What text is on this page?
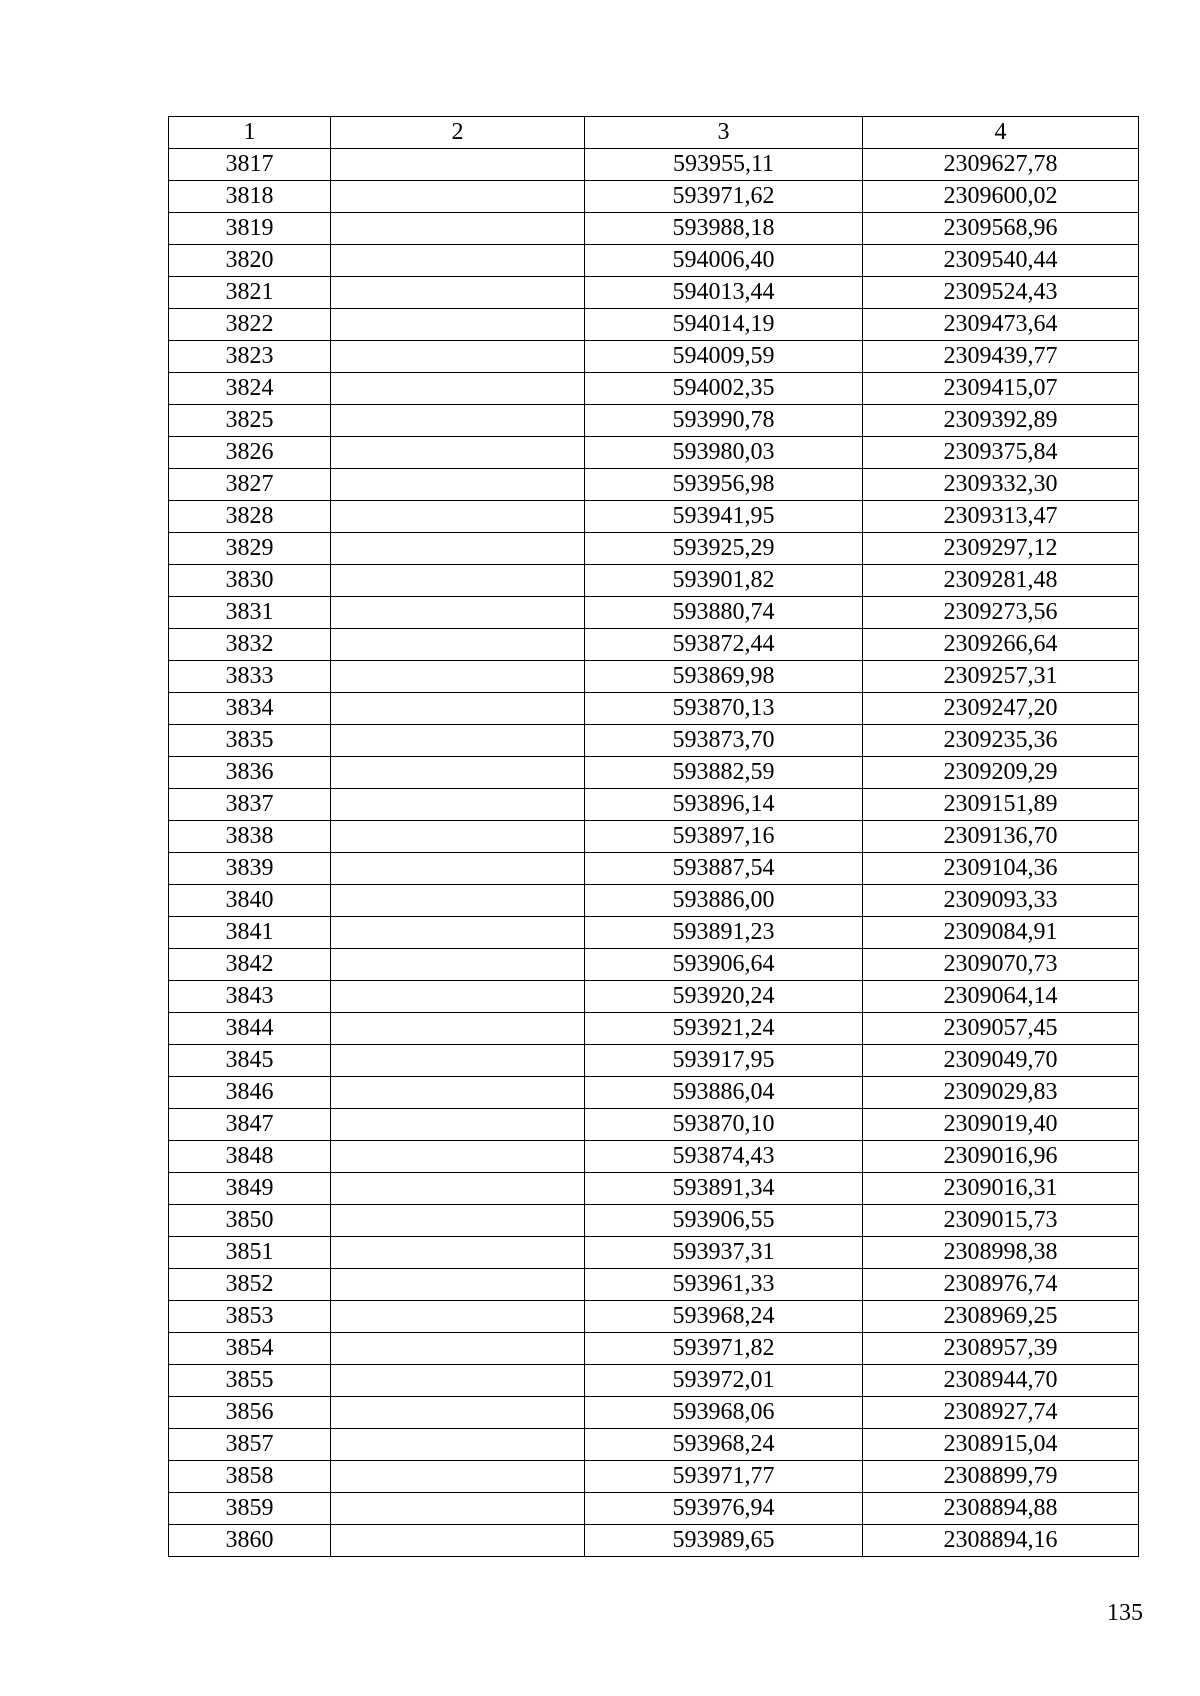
1	2	3	4
3817		593955,11	2309627,78
3818		593971,62	2309600,02
3819		593988,18	2309568,96
3820		594006,40	2309540,44
3821		594013,44	2309524,43
3822		594014,19	2309473,64
3823		594009,59	2309439,77
3824		594002,35	2309415,07
3825		593990,78	2309392,89
3826		593980,03	2309375,84
3827		593956,98	2309332,30
3828		593941,95	2309313,47
3829		593925,29	2309297,12
3830		593901,82	2309281,48
3831		593880,74	2309273,56
3832		593872,44	2309266,64
3833		593869,98	2309257,31
3834		593870,13	2309247,20
3835		593873,70	2309235,36
3836		593882,59	2309209,29
3837		593896,14	2309151,89
3838		593897,16	2309136,70
3839		593887,54	2309104,36
3840		593886,00	2309093,33
3841		593891,23	2309084,91
3842		593906,64	2309070,73
3843		593920,24	2309064,14
3844		593921,24	2309057,45
3845		593917,95	2309049,70
3846		593886,04	2309029,83
3847		593870,10	2309019,40
3848		593874,43	2309016,96
3849		593891,34	2309016,31
3850		593906,55	2309015,73
3851		593937,31	2308998,38
3852		593961,33	2308976,74
3853		593968,24	2308969,25
3854		593971,82	2308957,39
3855		593972,01	2308944,70
3856		593968,06	2308927,74
3857		593968,24	2308915,04
3858		593971,77	2308899,79
3859		593976,94	2308894,88
3860		593989,65	2308894,16
135
